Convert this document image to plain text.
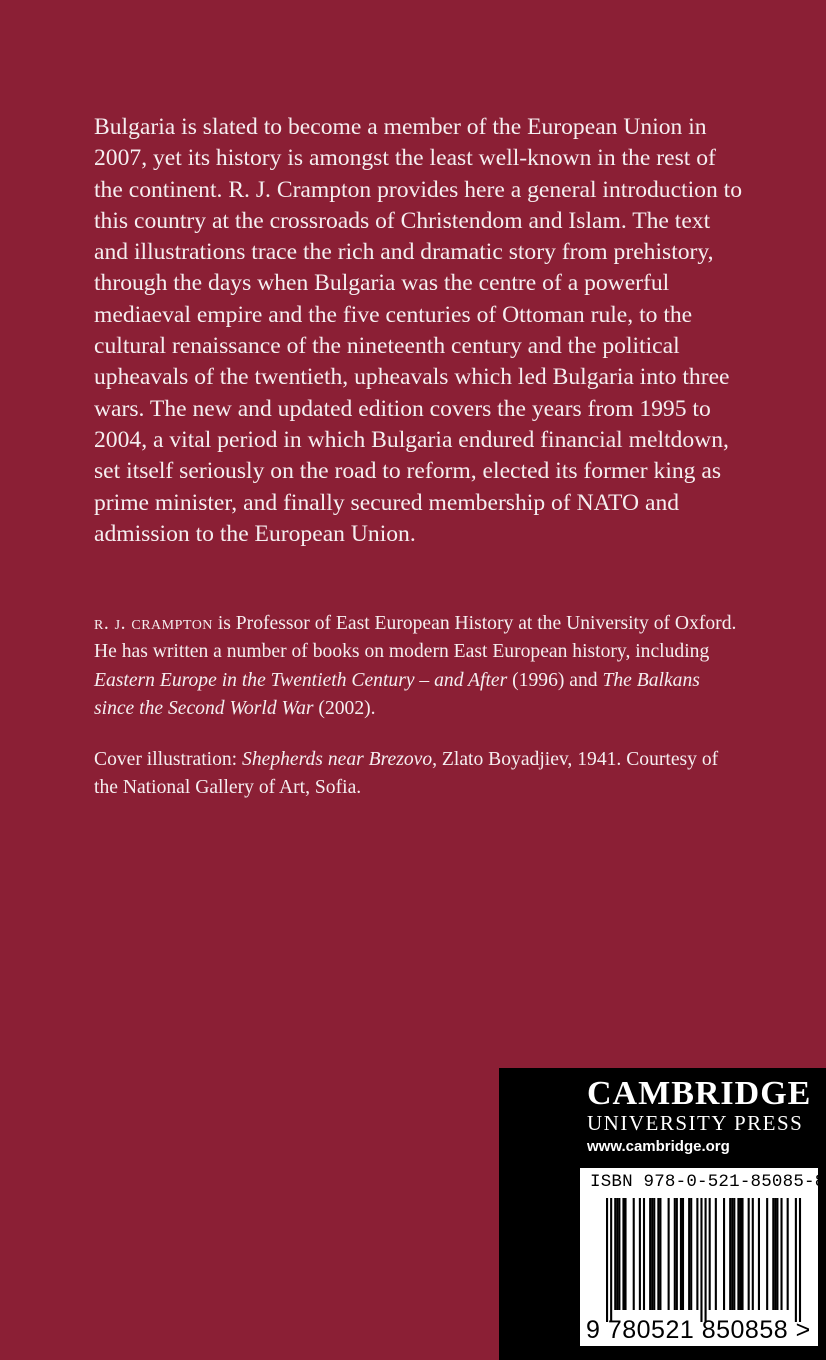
Bulgaria is slated to become a member of the European Union in 2007, yet its history is amongst the least well-known in the rest of the continent. R. J. Crampton provides here a general introduction to this country at the crossroads of Christendom and Islam. The text and illustrations trace the rich and dramatic story from prehistory, through the days when Bulgaria was the centre of a powerful mediaeval empire and the five centuries of Ottoman rule, to the cultural renaissance of the nineteenth century and the political upheavals of the twentieth, upheavals which led Bulgaria into three wars. The new and updated edition covers the years from 1995 to 2004, a vital period in which Bulgaria endured financial meltdown, set itself seriously on the road to reform, elected its former king as prime minister, and finally secured membership of NATO and admission to the European Union.

r. j. crampton is Professor of East European History at the University of Oxford. He has written a number of books on modern East European history, including Eastern Europe in the Twentieth Century – and After (1996) and The Balkans since the Second World War (2002).

Cover illustration: Shepherds near Brezovo, Zlato Boyadjiev, 1941. Courtesy of the National Gallery of Art, Sofia.

CAMBRIDGE
UNIVERSITY PRESS
www.cambridge.org
ISBN 978-0-521-85085-8
9 780521 850858 >
